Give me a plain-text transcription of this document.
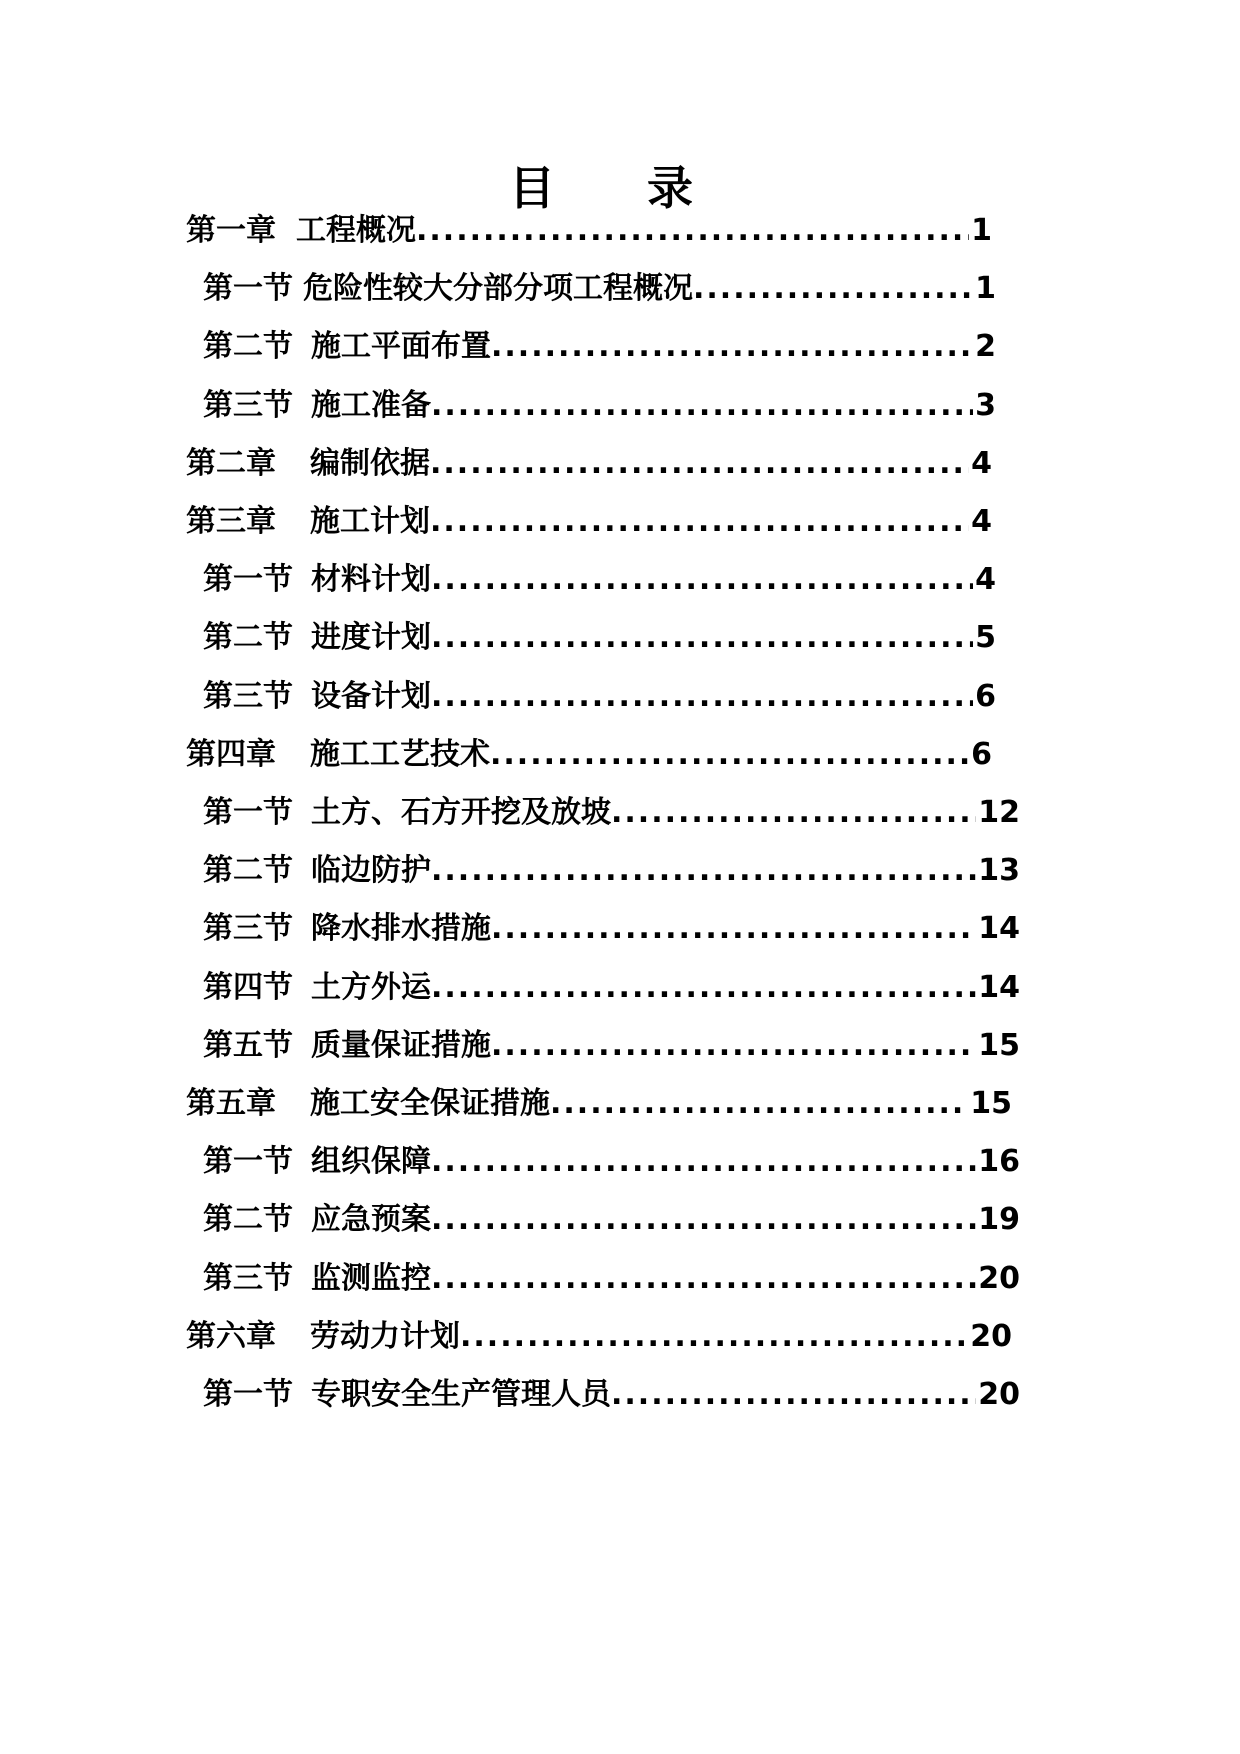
目 录
第一章 工程概况 .....	1
第一节 危险性较大分部分项工程概况 .....	1
第二节 施工平面布置 .....	2
第三节 施工准备 .....	3
第二章 编制依据 .....	4
第三章 施工计划 .....	4
第一节 材料计划 .....	4
第二节 进度计划 .....	5
第三节 设备计划 .....	6
第四章 施工工艺技术 .....	6
第一节 土方、石方开挖及放坡 .....	12
第二节 临边防护 .....	13
第三节 降水排水措施 .....	14
第四节 土方外运 .....	14
第五节 质量保证措施 .....	15
第五章 施工安全保证措施 .....	15
第一节 组织保障 .....	16
第二节 应急预案 .....	19
第三节 监测监控 .....	20
第六章 劳动力计划 .....	20
第一节 专职安全生产管理人员 .....	20
